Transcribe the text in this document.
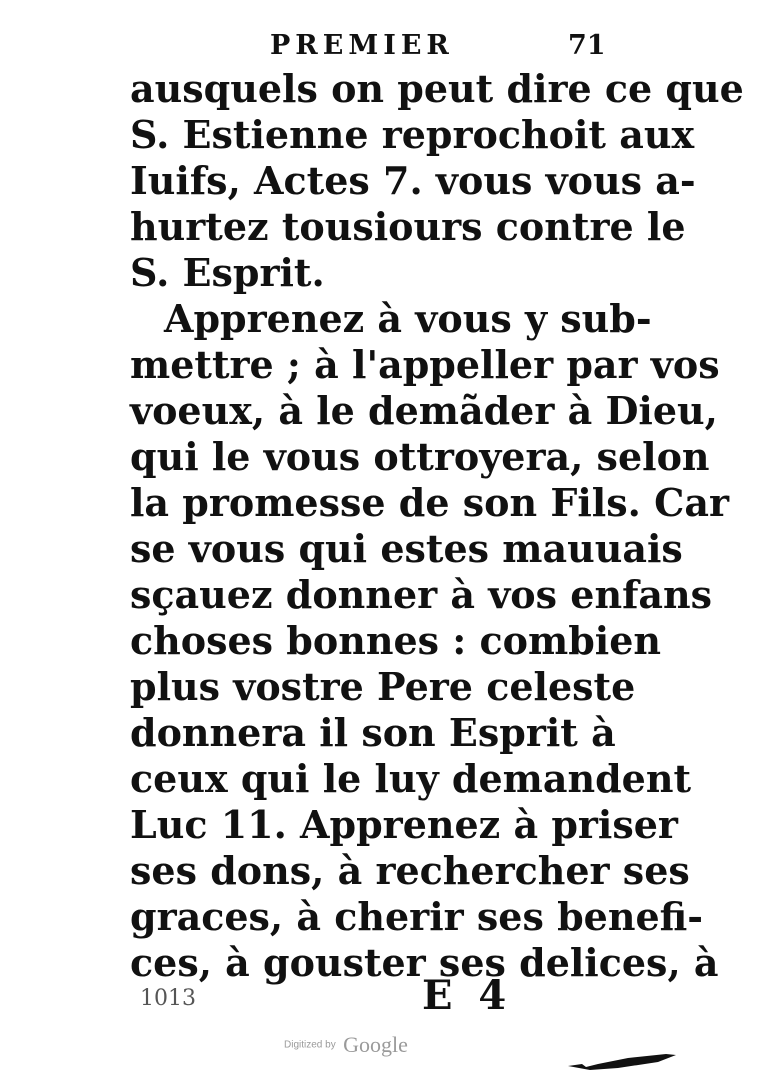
PREMIER	71
ausquels on peut dire ce que
S. Estienne reprochoit aux
Iuifs, Actes 7. vous vous a-
hurtez tousiours contre le
S. Esprit.
Apprenez à vous y sub-
mettre ; à l'appeller par vos
voeux, à le demãder à Dieu,
qui le vous ottroyera, selon
la promesse de son Fils. Car
se vous qui estes mauuais
sçauez donner à vos enfans
choses bonnes : combien
plus vostre Pere celeste
donnera il son Esprit à
ceux qui le luy demandent
Luc 11. Apprenez à priser
ses dons, à rechercher ses
graces, à cherir ses benefi-
ces, à gouster ses delices, à
1013	E 4
Digitized by Google
